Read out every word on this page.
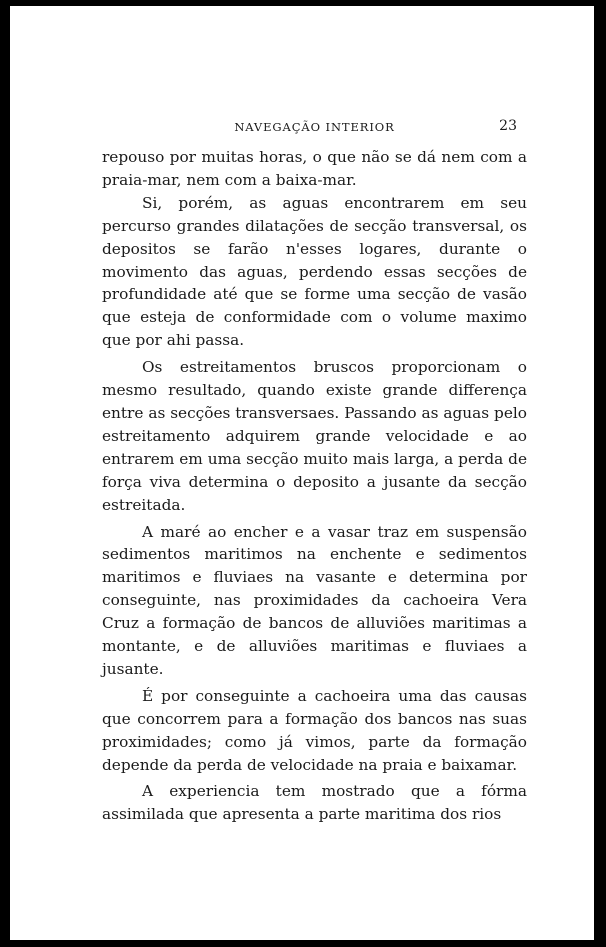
NAVEGAÇÃO INTERIOR	23

repouso por muitas horas, o que não se dá nem com a praia-mar, nem com a baixa-mar.

Si, porém, as aguas encontrarem em seu percurso grandes dilatações de secção transversal, os depositos se farão n'esses logares, durante o movimento das aguas, perdendo essas secções de profundidade até que se forme uma secção de vasão que esteja de conformidade com o volume maximo que por ahi passa.

Os estreitamentos bruscos proporcionam o mesmo resultado, quando existe grande differença entre as secções transversaes. Passando as aguas pelo estreitamento adquirem grande velocidade e ao entrarem em uma secção muito mais larga, a perda de força viva determina o deposito a jusante da secção estreitada.

A maré ao encher e a vasar traz em suspensão sedimentos maritimos na enchente e sedimentos maritimos e fluviaes na vasante e determina por conseguinte, nas proximidades da cachoeira Vera Cruz a formação de bancos de alluviões maritimas a montante, e de alluviões maritimas e fluviaes a jusante.

É por conseguinte a cachoeira uma das causas que concorrem para a formação dos bancos nas suas proximidades; como já vimos, parte da formação depende da perda de velocidade na praia e baixamar.

A experiencia tem mostrado que a fórma assimilada que apresenta a parte maritima dos rios
